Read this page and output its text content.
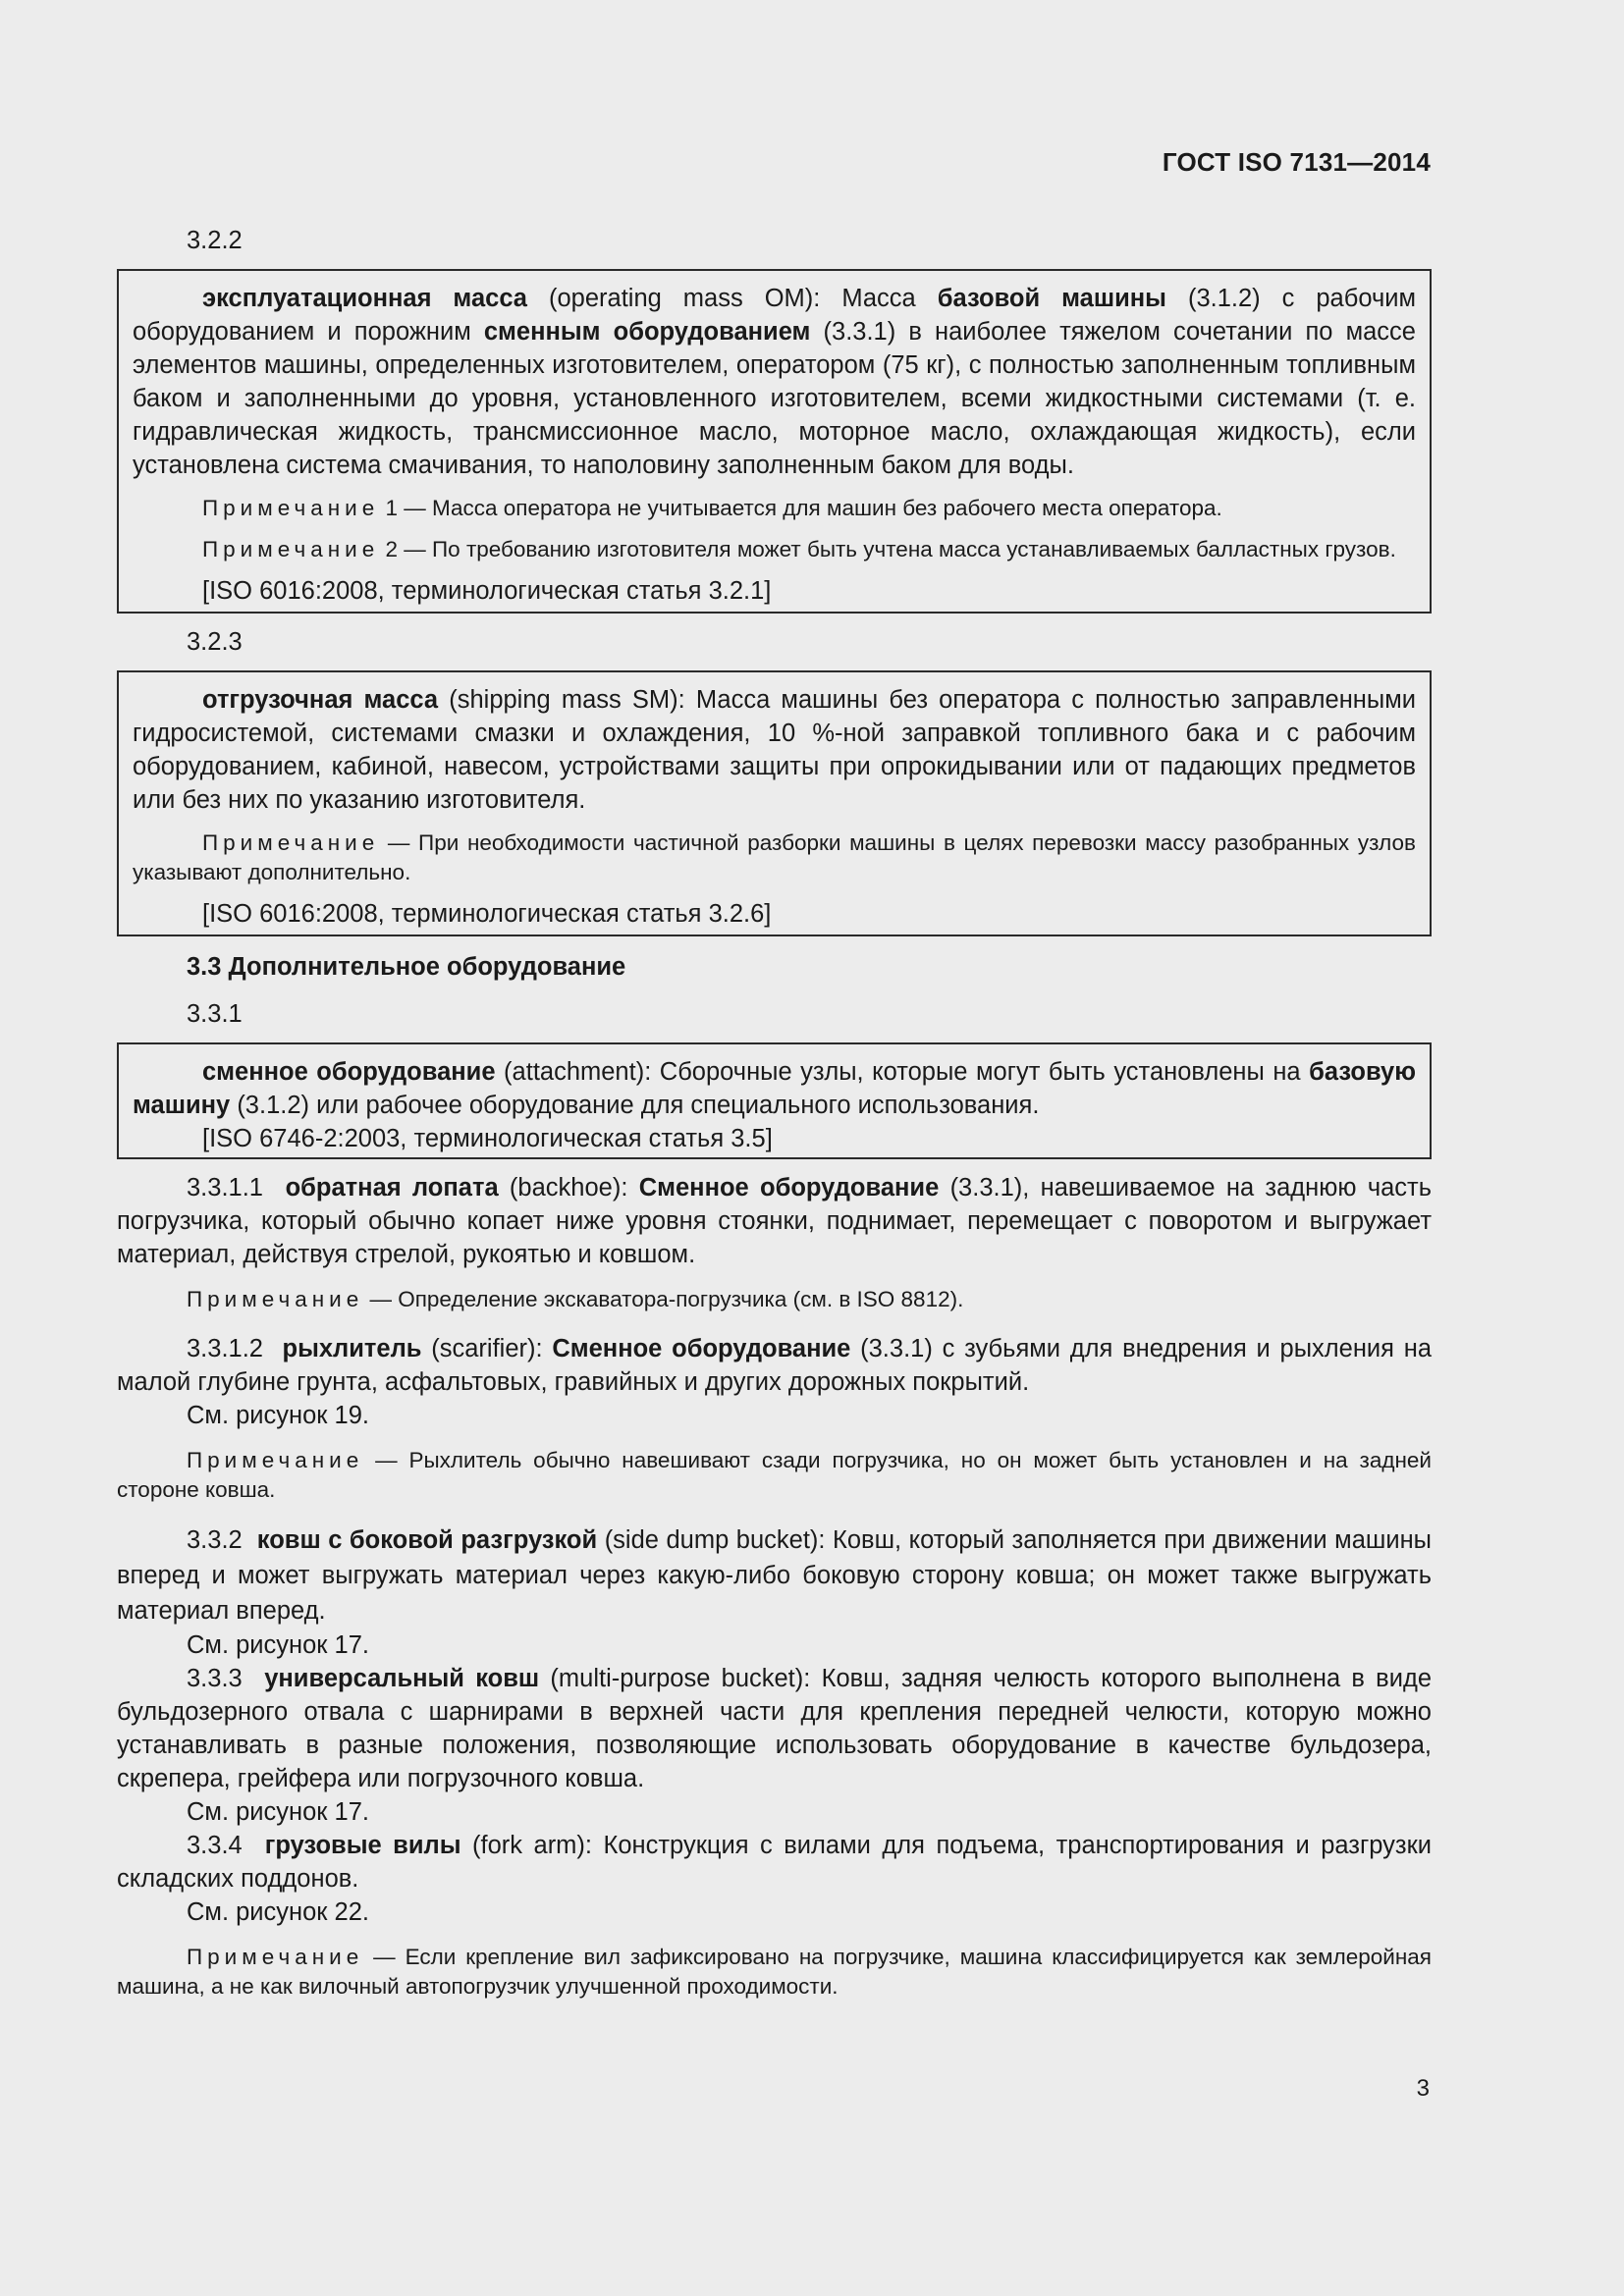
ГОСТ ISO 7131—2014
3.2.2

эксплуатационная масса (operating mass OM): Масса базовой машины (3.1.2) с рабочим оборудованием и порожним сменным оборудованием (3.3.1) в наиболее тяжелом сочетании по массе элементов машины, определенных изготовителем, оператором (75 кг), с полностью заполненным топливным баком и заполненными до уровня, установленного изготовителем, всеми жидкостными системами (т. е. гидравлическая жидкость, трансмиссионное масло, моторное масло, охлаждающая жидкость), если установлена система смачивания, то наполовину заполненным баком для воды.

Примечание 1 — Масса оператора не учитывается для машин без рабочего места оператора.

Примечание 2 — По требованию изготовителя может быть учтена масса устанавливаемых балластных грузов.

[ISO 6016:2008, терминологическая статья 3.2.1]

3.2.3

отгрузочная масса (shipping mass SM): Масса машины без оператора с полностью заправленными гидросистемой, системами смазки и охлаждения, 10 %-ной заправкой топливного бака и с рабочим оборудованием, кабиной, навесом, устройствами защиты при опрокидывании или от падающих предметов или без них по указанию изготовителя.

Примечание — При необходимости частичной разборки машины в целях перевозки массу разобранных узлов указывают дополнительно.

[ISO 6016:2008, терминологическая статья 3.2.6]

3.3 Дополнительное оборудование
3.3.1

сменное оборудование (attachment): Сборочные узлы, которые могут быть установлены на базовую машину (3.1.2) или рабочее оборудование для специального использования.

[ISO 6746-2:2003, терминологическая статья 3.5]

3.3.1.1 обратная лопата (backhoe): Сменное оборудование (3.3.1), навешиваемое на заднюю часть погрузчика, который обычно копает ниже уровня стоянки, поднимает, перемещает с поворотом и выгружает материал, действуя стрелой, рукоятью и ковшом.

Примечание — Определение экскаватора-погрузчика (см. в ISO 8812).

3.3.1.2 рыхлитель (scarifier): Сменное оборудование (3.3.1) с зубьями для внедрения и рыхления на малой глубине грунта, асфальтовых, гравийных и других дорожных покрытий.

См. рисунок 19.

Примечание — Рыхлитель обычно навешивают сзади погрузчика, но он может быть установлен и на задней стороне ковша.

3.3.2 ковш с боковой разгрузкой (side dump bucket): Ковш, который заполняется при движении машины вперед и может выгружать материал через какую-либо боковую сторону ковша; он может также выгружать материал вперед.

См. рисунок 17.

3.3.3 универсальный ковш (multi-purpose bucket): Ковш, задняя челюсть которого выполнена в виде бульдозерного отвала с шарнирами в верхней части для крепления передней челюсти, которую можно устанавливать в разные положения, позволяющие использовать оборудование в качестве бульдозера, скрепера, грейфера или погрузочного ковша.

См. рисунок 17.

3.3.4 грузовые вилы (fork arm): Конструкция с вилами для подъема, транспортирования и разгрузки складских поддонов.

См. рисунок 22.

Примечание — Если крепление вил зафиксировано на погрузчике, машина классифицируется как землеройная машина, а не как вилочный автопогрузчик улучшенной проходимости.

3
